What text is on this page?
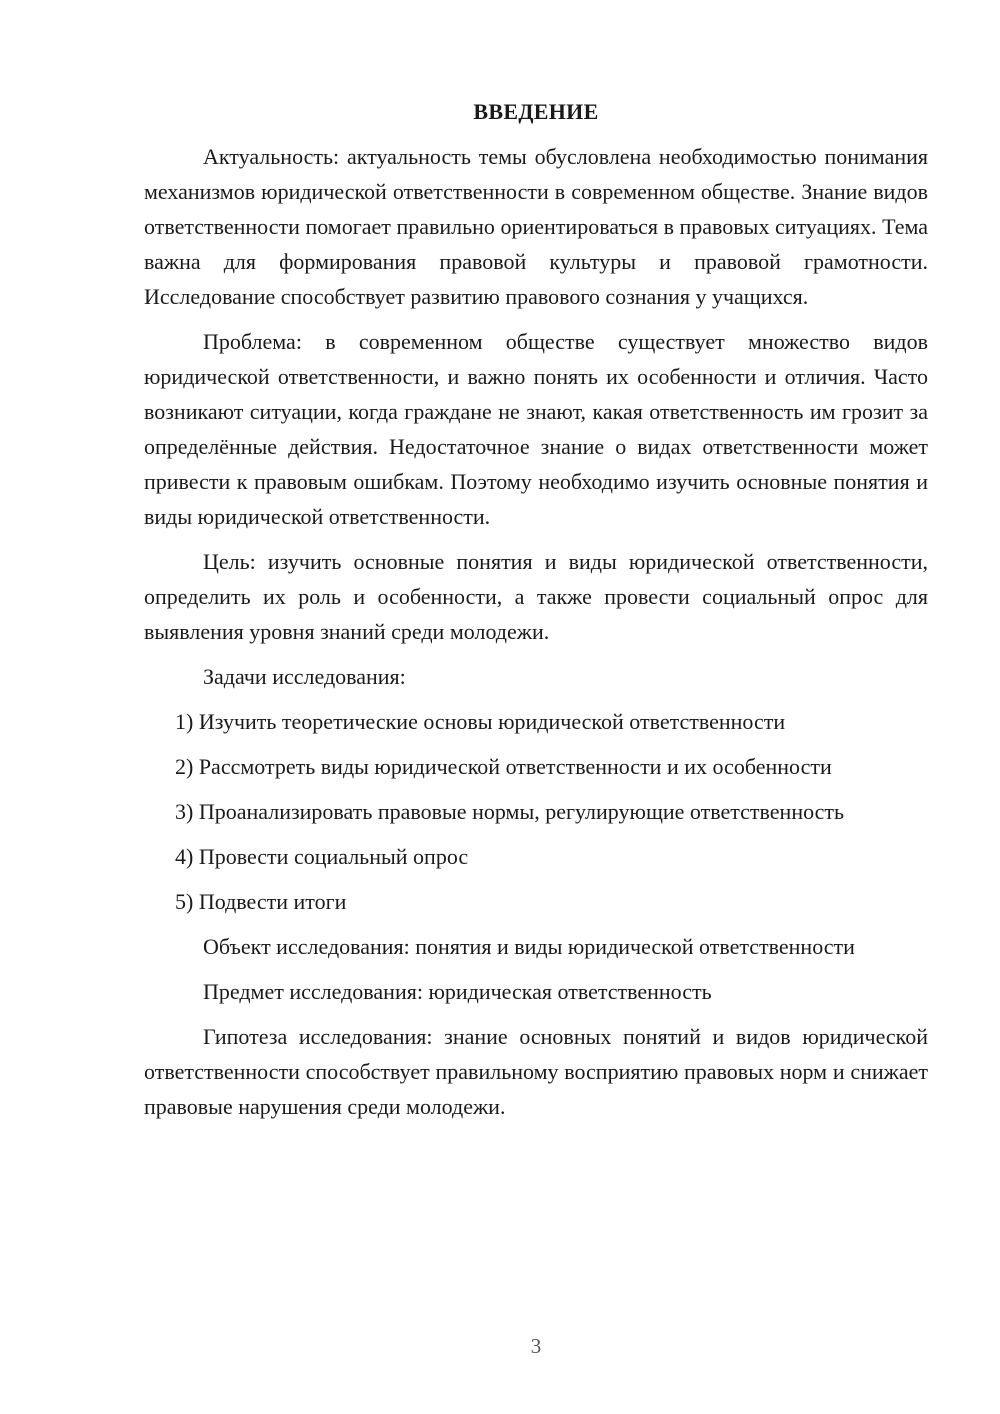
ВВЕДЕНИЕ

Актуальность: актуальность темы обусловлена необходимостью понимания механизмов юридической ответственности в современном обществе. Знание видов ответственности помогает правильно ориентироваться в правовых ситуациях. Тема важна для формирования правовой культуры и правовой грамотности. Исследование способствует развитию правового сознания у учащихся.

Проблема: в современном обществе существует множество видов юридической ответственности, и важно понять их особенности и отличия. Часто возникают ситуации, когда граждане не знают, какая ответственность им грозит за определённые действия. Недостаточное знание о видах ответственности может привести к правовым ошибкам. Поэтому необходимо изучить основные понятия и виды юридической ответственности.

Цель: изучить основные понятия и виды юридической ответственности, определить их роль и особенности, а также провести социальный опрос для выявления уровня знаний среди молодежи.

Задачи исследования:

1) Изучить теоретические основы юридической ответственности

2) Рассмотреть виды юридической ответственности и их особенности

3) Проанализировать правовые нормы, регулирующие ответственность

4) Провести социальный опрос

5) Подвести итоги

Объект исследования: понятия и виды юридической ответственности

Предмет исследования: юридическая ответственность

Гипотеза исследования: знание основных понятий и видов юридической ответственности способствует правильному восприятию правовых норм и снижает правовые нарушения среди молодежи.

3
